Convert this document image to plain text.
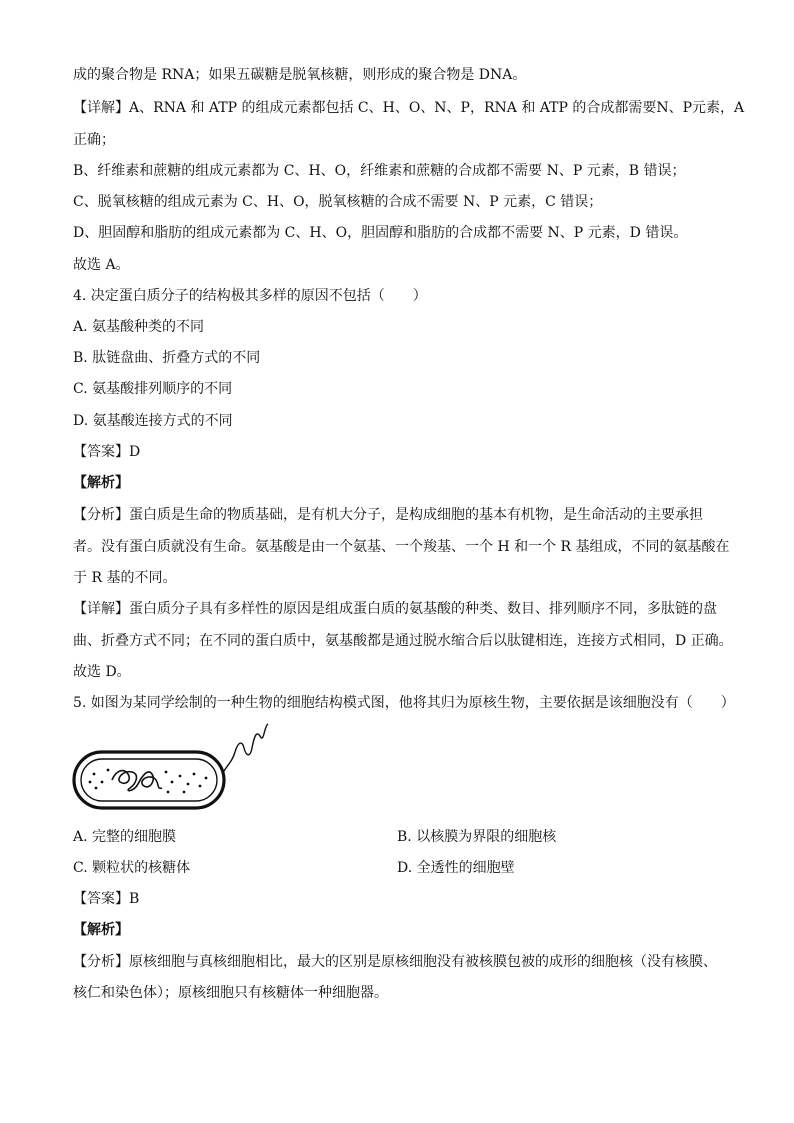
成的聚合物是 RNA；如果五碳糖是脱氧核糖，则形成的聚合物是 DNA。
【详解】A、RNA 和 ATP 的组成元素都包括 C、H、O、N、P，RNA 和 ATP 的合成都需要N、P元素，A
正确；
B、纤维素和蔗糖的组成元素都为 C、H、O，纤维素和蔗糖的合成都不需要 N、P 元素，B 错误；
C、脱氧核糖的组成元素为 C、H、O，脱氧核糖的合成不需要 N、P 元素，C 错误；
D、胆固醇和脂肪的组成元素都为 C、H、O，胆固醇和脂肪的合成都不需要 N、P 元素，D 错误。
故选 A。
4. 决定蛋白质分子的结构极其多样的原因不包括（　　）
A. 氨基酸种类的不同
B. 肽链盘曲、折叠方式的不同
C. 氨基酸排列顺序的不同
D. 氨基酸连接方式的不同
【答案】D
【解析】
【分析】蛋白质是生命的物质基础，是有机大分子，是构成细胞的基本有机物，是生命活动的主要承担
者。没有蛋白质就没有生命。氨基酸是由一个氨基、一个羧基、一个 H 和一个 R 基组成，不同的氨基酸在
于 R 基的不同。
【详解】蛋白质分子具有多样性的原因是组成蛋白质的氨基酸的种类、数目、排列顺序不同，多肽链的盘
曲、折叠方式不同；在不同的蛋白质中，氨基酸都是通过脱水缩合后以肽键相连，连接方式相同，D 正确。
故选 D。
5. 如图为某同学绘制的一种生物的细胞结构模式图，他将其归为原核生物，主要依据是该细胞没有（　　）
A. 完整的细胞膜	B. 以核膜为界限的细胞核
C. 颗粒状的核糖体	D. 全透性的细胞壁
【答案】B
【解析】
【分析】原核细胞与真核细胞相比，最大的区别是原核细胞没有被核膜包被的成形的细胞核（没有核膜、
核仁和染色体）；原核细胞只有核糖体一种细胞器。
